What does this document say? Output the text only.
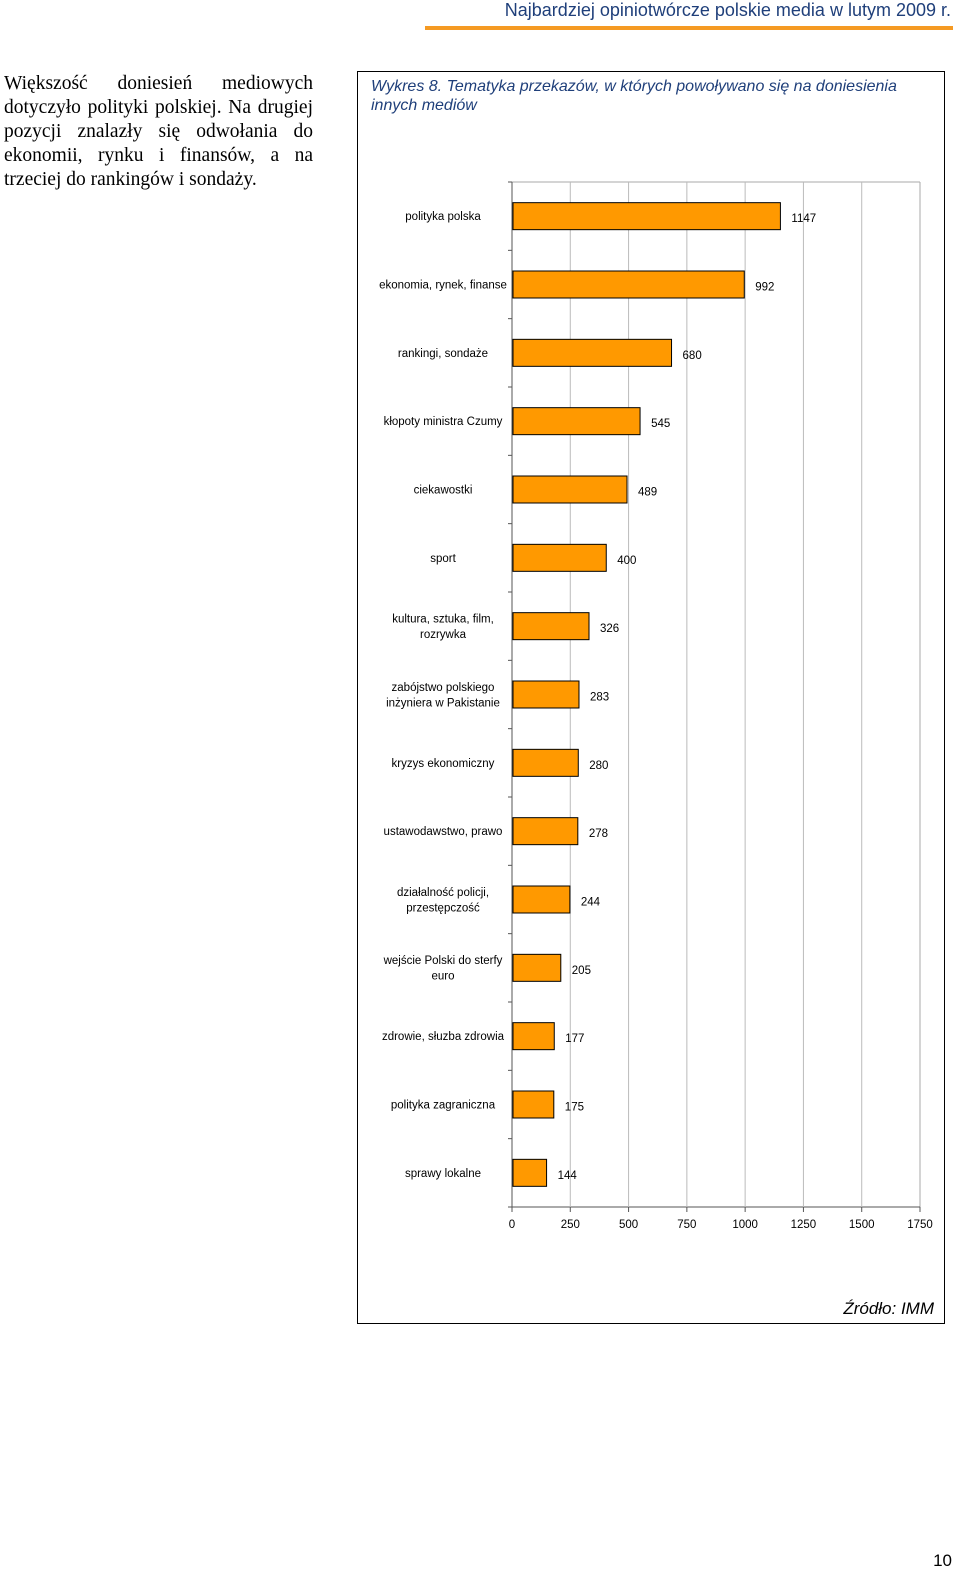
Najbardziej opiniotwórcze polskie media w lutym 2009 r.
Większość doniesień mediowych dotyczyło polityki polskiej. Na drugiej pozycji znalazły się odwołania do ekonomii, rynku i finansów, a na trzeciej do rankingów i sondaży.
Wykres 8. Tematyka przekazów, w których powoływano się na doniesienia innych mediów
0	250	500	750	1000	1250	1500	1750
polityka polska	1147
ekonomia, rynek, finanse	992
rankingi, sondaże	680
kłopoty ministra Czumy	545
ciekawostki	489
sport	400
kultura, sztuka, film, rozrywka	326
zabójstwo polskiego inżyniera w Pakistanie	283
kryzys ekonomiczny	280
ustawodawstwo, prawo	278
działalność policji, przestępczość	244
wejście Polski do sterfy euro	205
zdrowie, słuzba zdrowia	177
polityka zagraniczna	175
sprawy lokalne	144
Źródło: IMM
10
